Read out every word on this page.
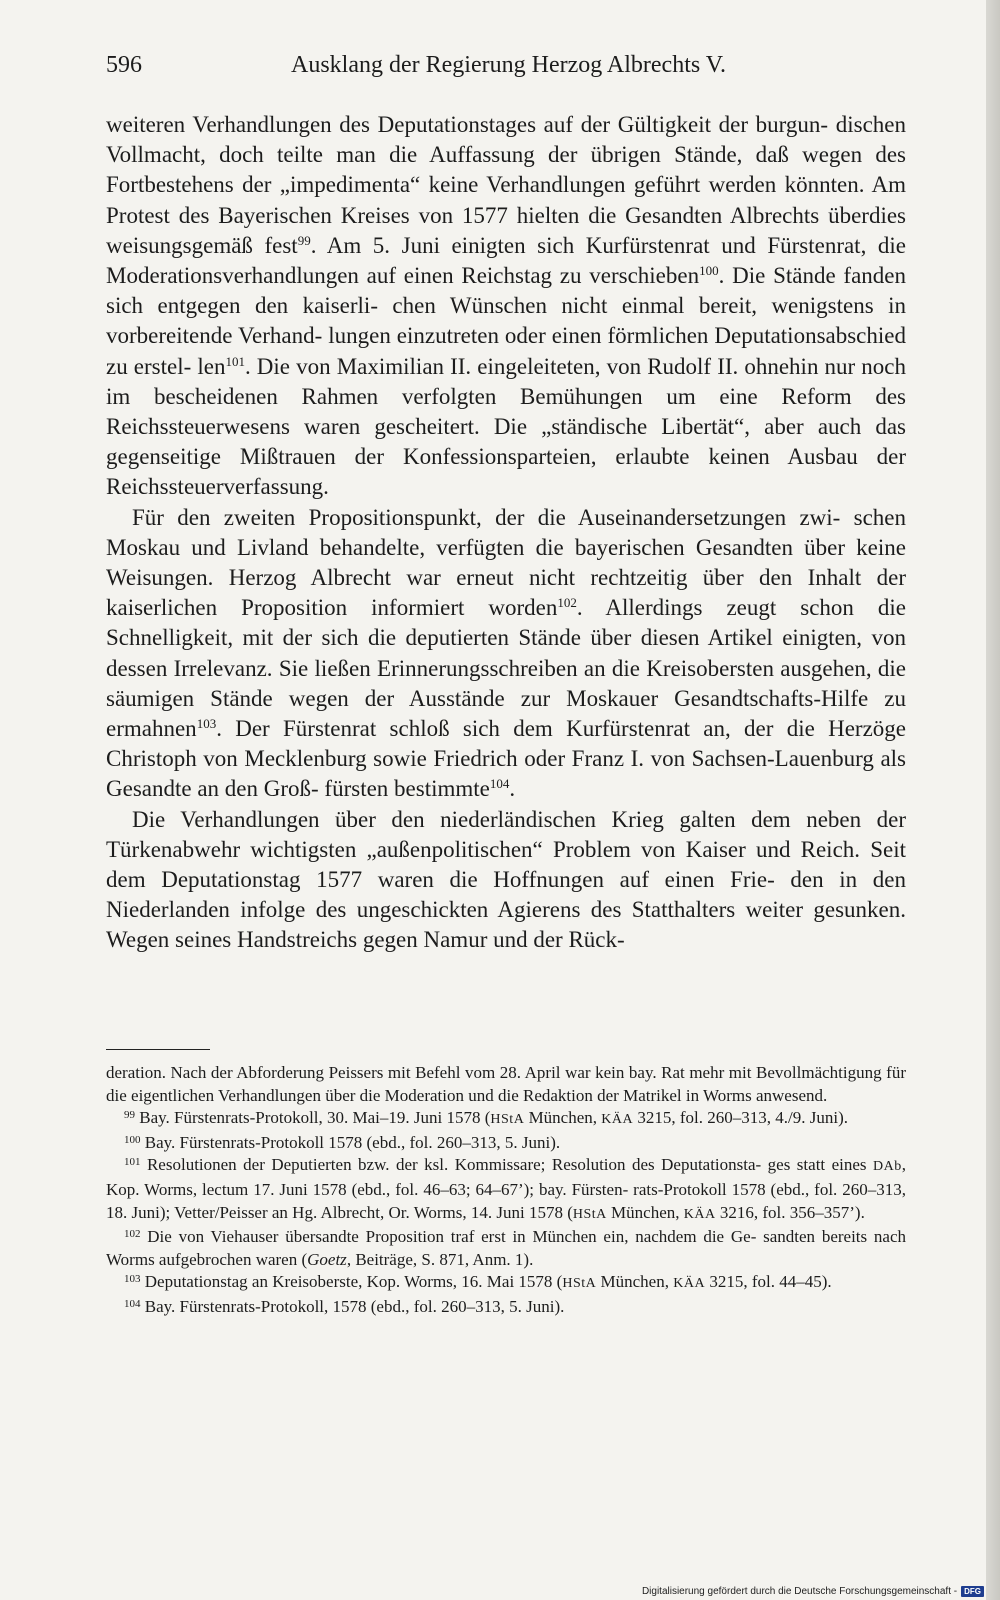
596	Ausklang der Regierung Herzog Albrechts V.

weiteren Verhandlungen des Deputationstages auf der Gültigkeit der burgun- dischen Vollmacht, doch teilte man die Auffassung der übrigen Stände, daß wegen des Fortbestehens der „impedimenta“ keine Verhandlungen geführt werden könnten. Am Protest des Bayerischen Kreises von 1577 hielten die Gesandten Albrechts überdies weisungsgemäß fest$^{99}$. Am 5. Juni einigten sich Kurfürstenrat und Fürstenrat, die Moderationsverhandlungen auf einen Reichstag zu verschieben$^{100}$. Die Stände fanden sich entgegen den kaiserli- chen Wünschen nicht einmal bereit, wenigstens in vorbereitende Verhand- lungen einzutreten oder einen förmlichen Deputationsabschied zu erstel- len$^{101}$. Die von Maximilian II. eingeleiteten, von Rudolf II. ohnehin nur noch im bescheidenen Rahmen verfolgten Bemühungen um eine Reform des Reichssteuerwesens waren gescheitert. Die „ständische Libertät“, aber auch das gegenseitige Mißtrauen der Konfessionsparteien, erlaubte keinen Ausbau der Reichssteuerverfassung.

Für den zweiten Propositionspunkt, der die Auseinandersetzungen zwi- schen Moskau und Livland behandelte, verfügten die bayerischen Gesandten über keine Weisungen. Herzog Albrecht war erneut nicht rechtzeitig über den Inhalt der kaiserlichen Proposition informiert worden$^{102}$. Allerdings zeugt schon die Schnelligkeit, mit der sich die deputierten Stände über diesen Artikel einigten, von dessen Irrelevanz. Sie ließen Erinnerungsschreiben an die Kreisobersten ausgehen, die säumigen Stände wegen der Ausstände zur Moskauer Gesandtschafts-Hilfe zu ermahnen$^{103}$. Der Fürstenrat schloß sich dem Kurfürstenrat an, der die Herzöge Christoph von Mecklenburg sowie Friedrich oder Franz I. von Sachsen-Lauenburg als Gesandte an den Groß- fürsten bestimmte$^{104}$.

Die Verhandlungen über den niederländischen Krieg galten dem neben der Türkenabwehr wichtigsten „außenpolitischen“ Problem von Kaiser und Reich. Seit dem Deputationstag 1577 waren die Hoffnungen auf einen Frie- den in den Niederlanden infolge des ungeschickten Agierens des Statthalters weiter gesunken. Wegen seines Handstreichs gegen Namur und der Rück-

deration. Nach der Abforderung Peissers mit Befehl vom 28. April war kein bay. Rat mehr mit Bevollmächtigung für die eigentlichen Verhandlungen über die Moderation und die Redaktion der Matrikel in Worms anwesend.

$^{99}$ Bay. Fürstenrats-Protokoll, 30. Mai–19. Juni 1578 (HStA München, KÄA 3215, fol. 260–313, 4./9. Juni).

$^{100}$ Bay. Fürstenrats-Protokoll 1578 (ebd., fol. 260–313, 5. Juni).

$^{101}$ Resolutionen der Deputierten bzw. der ksl. Kommissare; Resolution des Deputationsta- ges statt eines DAb, Kop. Worms, lectum 17. Juni 1578 (ebd., fol. 46–63; 64–67’); bay. Fürsten- rats-Protokoll 1578 (ebd., fol. 260–313, 18. Juni); Vetter/Peisser an Hg. Albrecht, Or. Worms, 14. Juni 1578 (HStA München, KÄA 3216, fol. 356–357’).

$^{102}$ Die von Viehauser übersandte Proposition traf erst in München ein, nachdem die Ge- sandten bereits nach Worms aufgebrochen waren (Goetz, Beiträge, S. 871, Anm. 1).

$^{103}$ Deputationstag an Kreisoberste, Kop. Worms, 16. Mai 1578 (HStA München, KÄA 3215, fol. 44–45).

$^{104}$ Bay. Fürstenrats-Protokoll, 1578 (ebd., fol. 260–313, 5. Juni).

Digitalisierung gefördert durch die Deutsche Forschungsgemeinschaft - DFG
